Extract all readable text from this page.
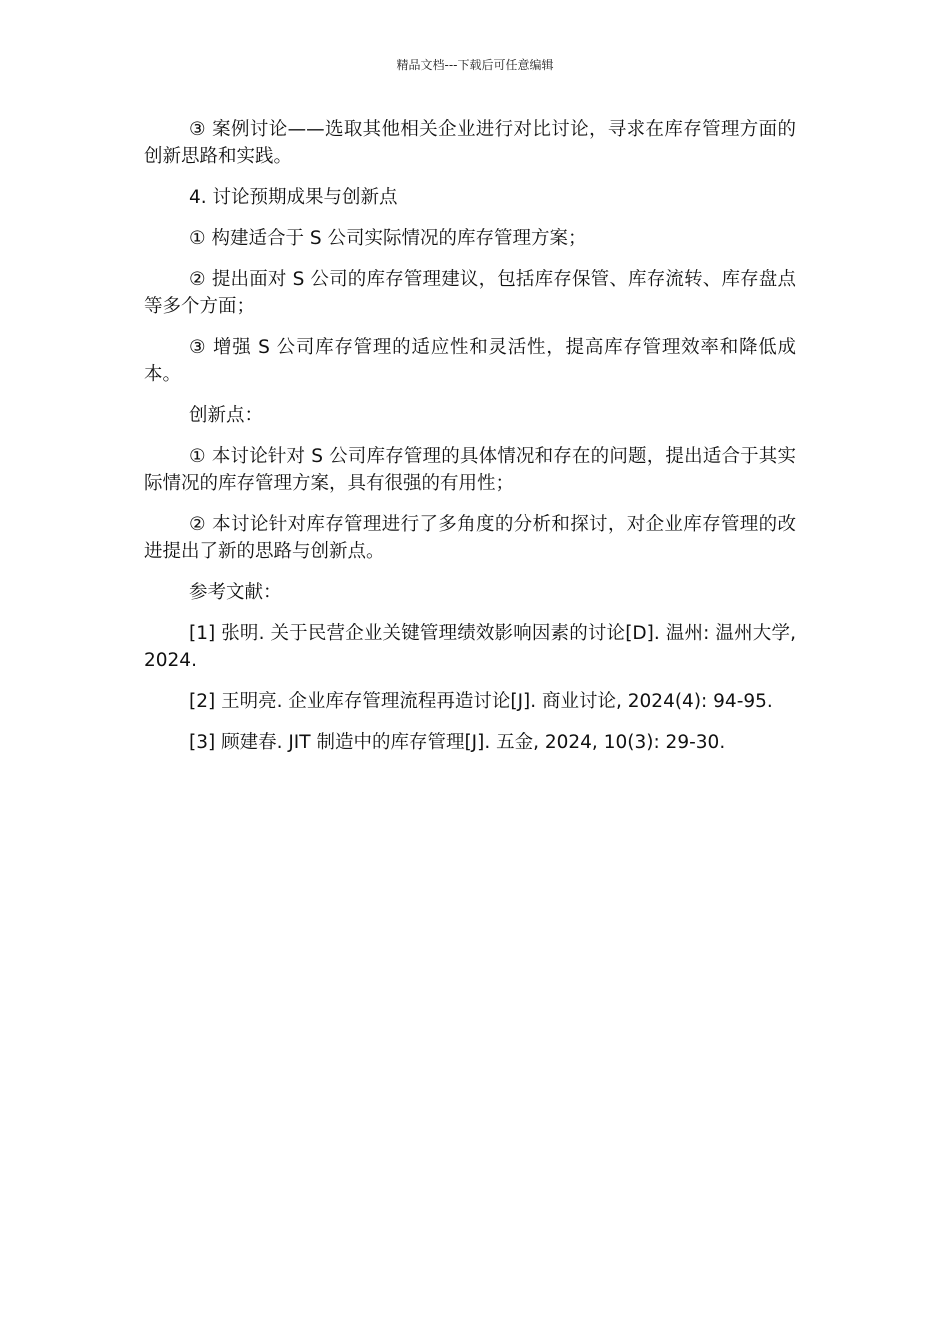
精品文档---下载后可任意编辑

③ 案例讨论——选取其他相关企业进行对比讨论，寻求在库存管理方面的创新思路和实践。

4. 讨论预期成果与创新点

① 构建适合于 S 公司实际情况的库存管理方案；

② 提出面对 S 公司的库存管理建议，包括库存保管、库存流转、库存盘点等多个方面；

③ 增强 S 公司库存管理的适应性和灵活性，提高库存管理效率和降低成本。

创新点：

① 本讨论针对 S 公司库存管理的具体情况和存在的问题，提出适合于其实际情况的库存管理方案，具有很强的有用性；

② 本讨论针对库存管理进行了多角度的分析和探讨，对企业库存管理的改进提出了新的思路与创新点。

参考文献：

[1] 张明. 关于民营企业关键管理绩效影响因素的讨论[D]. 温州: 温州大学, 2024.

[2] 王明亮. 企业库存管理流程再造讨论[J]. 商业讨论, 2024(4): 94-95.

[3] 顾建春. JIT 制造中的库存管理[J]. 五金, 2024, 10(3): 29-30.
